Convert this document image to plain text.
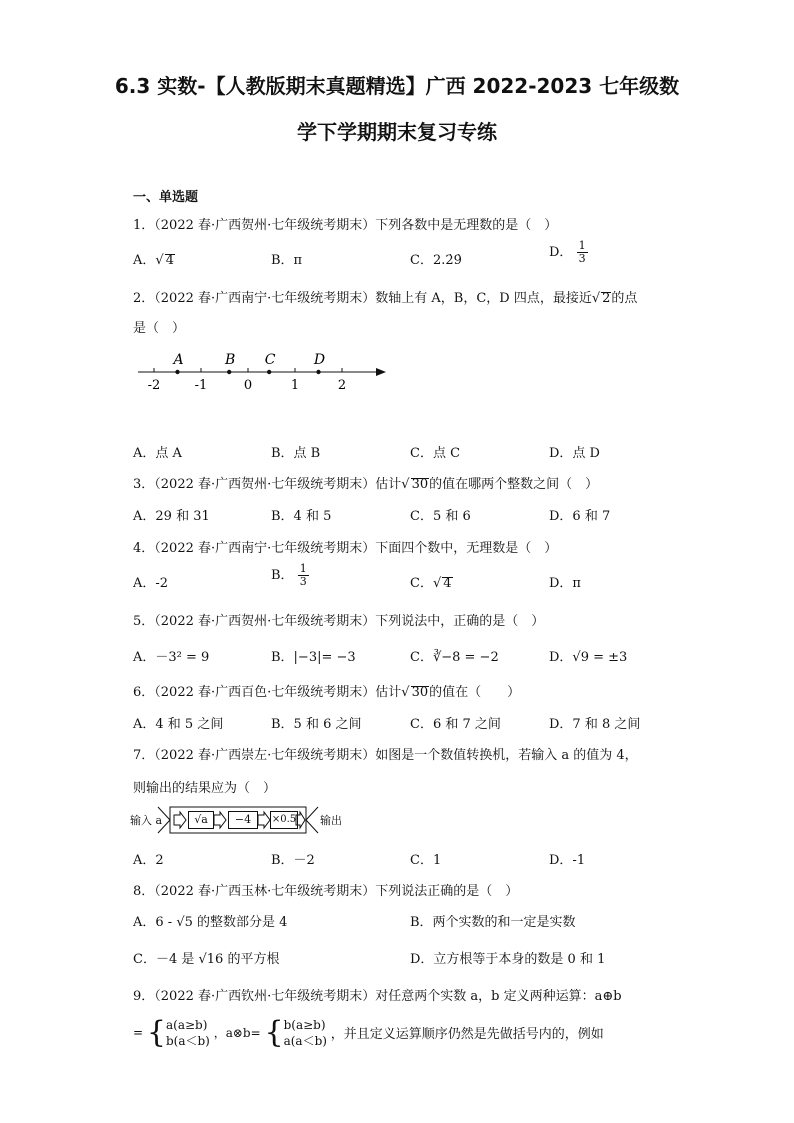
6.3 实数-【人教版期末真题精选】广西 2022-2023 七年级数
学下学期期末复习专练
一、单选题
1．（2022 春·广西贺州·七年级统考期末）下列各数中是无理数的是（　）
A．√ 4	B．π	C．2.2̇9̇
D． $\frac{1}{3}$
2．（2022 春·广西南宁·七年级统考期末）数轴上有 A，B，C，D 四点，最接近√ 2的点
是（　）
-2	-1	0	1	2
A	B C	D
A．点 A	B．点 B	C．点 C	D．点 D
3．（2022 春·广西贺州·七年级统考期末）估计√ 30的值在哪两个整数之间（　）
A．29 和 31	B．4 和 5	C．5 和 6	D．6 和 7
4．（2022 春·广西南宁·七年级统考期末）下面四个数中，无理数是（　）
A．-2
B． $\frac{1}{3}$	C．√ 4	D．π
5．（2022 春·广西贺州·七年级统考期末）下列说法中，正确的是（　）
A．－3² = 9	B．|−3|= −3	C．∛−8 = −2	D．√9 = ±3
6．（2022 春·广西百色·七年级统考期末）估计√ 30的值在（　　）
A．4 和 5 之间	B．5 和 6 之间	C．6 和 7 之间	D．7 和 8 之间
7．（2022 春·广西崇左·七年级统考期末）如图是一个数值转换机，若输入 a 的值为 4，
则输出的结果应为（　）
输入 a	√a	−4	×0.5 输出
A．2	B．－2	C．1	D．-1
8．（2022 春·广西玉林·七年级统考期末）下列说法正确的是（　）
A．6 - √5 的整数部分是 4	B．两个实数的和一定是实数
C．－4 是 √16 的平方根	D．立方根等于本身的数是 0 和 1
9．（2022 春·广西钦州·七年级统考期末）对任意两个实数 a，b 定义两种运算：a⊕b
= { a(a≥b)
b(a＜b)
，a⊗b= { b(a≥b)
a(a＜b) ，并且定义运算顺序仍然是先做括号内的，例如
